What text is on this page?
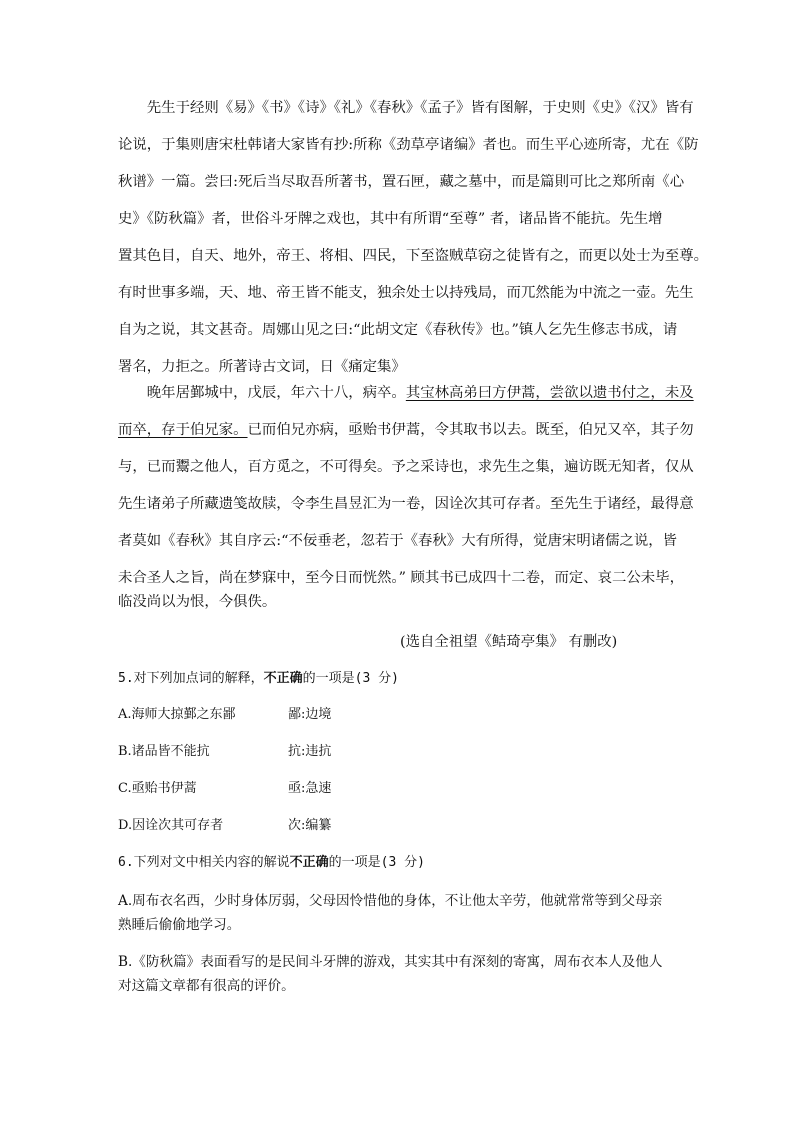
　　先生于经则《易》《书》《诗》《礼》《春秋》《孟子》皆有图解，于史则《史》《汉》皆有
论说，于集则唐宋杜韩诸大家皆有抄:所称《劲草亭诸编》者也。而生平心迹所寄，尤在《防
秋谱》一篇。尝曰:死后当尽取吾所著书，置石匣，藏之墓中，而是篇則可比之郑所南《心
史》《防秋篇》者，世俗斗牙牌之戏也，其中有所谓“至尊” 者，诸品皆不能抗。先生增
置其色目，自天、地外，帝王、将相、四民，下至盗贼草窃之徒皆有之，而更以处士为至尊。
有时世事多端，天、地、帝王皆不能支，独余处士以持残局，而兀然能为中流之一壶。先生
自为之说，其文甚奇。周娜山见之曰:“此胡文定《春秋传》也。”镇人乞先生修志书成，请
署名，力拒之。所著诗古文词，日《痛定集》
　　晚年居鄞城中，戊辰，年六十八，病卒。其宝林高弟曰方伊蒿，尝欲以遗书付之，未及
而卒，存于伯兄家。已而伯兄亦病，亟贻书伊蒿，令其取书以去。既至，伯兄又卒，其子勿
与，已而鬻之他人，百方觅之，不可得矣。予之采诗也，求先生之集，遍访既无知者，仅从
先生诸弟子所藏遗笺故牍，令李生昌昱汇为一卷，因诠次其可存者。至先生于诸经，最得意
者莫如《春秋》其自序云:“不佞垂老，忽若于《春秋》大有所得，觉唐宋明诸儒之说，皆
未合圣人之旨，尚在梦寐中，至今日而恍然。” 顾其书已成四十二卷，而定、哀二公未毕，
临没尚以为恨，今俱佚。
(选自全祖望《鲒琦亭集》 有删改)
5.对下列加点词的解释，不正确的一项是(3 分)
A.海师大掠鄞之东鄙	鄙:边境
B.诸品皆不能抗	抗:违抗
C.亟贻书伊蒿	亟:急速
D.因诠次其可存者	次:编纂
6.下列对文中相关内容的解说不正确的一项是(3 分)
A.周布衣名西，少时身体厉弱，父母因怜惜他的身体，不让他太辛劳，他就常常等到父母亲
熟睡后偷偷地学习。
B.《防秋篇》表面看写的是民间斗牙牌的游戏，其实其中有深刻的寄寓，周布衣本人及他人
对这篇文章都有很高的评价。
